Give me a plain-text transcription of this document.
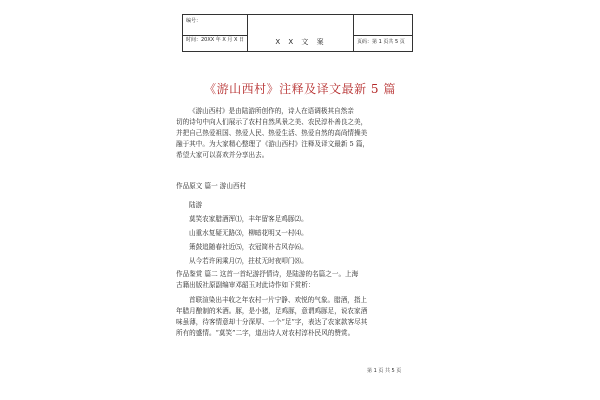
编号：
时间：20XX 年 X 月 X 日	X X 文 案	页码：第 1 页共 5 页
《游山西村》注释及译文最新 5 篇

《游山西村》是由陆游所创作的，诗人在语调极其自然亲

切的诗句中向人们展示了农村自然风景之美、农民淳朴善良之美，

并把自己热爱祖国、热爱人民、热爱生活、热爱自然的高尚情操美

融于其中。为大家精心整理了《游山西村》注释及译文最新 5 篇，

希望大家可以喜欢并分享出去。

作品原文 篇一 游山西村
陆游
莫笑农家腊酒浑⑴，丰年留客足鸡豚⑵。
山重水复疑无路⑶，柳暗花明又一村⑷。
箫鼓追随春社近⑸，衣冠简朴古风存⑹。
从今若许闲乘月⑺，拄杖无时夜叩门⑻。

作品鉴赏 篇二 这首一首纪游抒情诗，是陆游的名篇之一。上海

古籍出版社原副编审邓韶玉对此诗作如下赏析：

首联渲染出丰收之年农村一片宁静、欢悦的气象。腊酒，指上

年腊月酿制的米酒。豚，是小猪，足鸡豚，意谓鸡豚足，说农家酒

味虽薄，待客情意却十分深厚、一个“足”字，表达了农家款客尽其

所有的盛情。“莫笑”二字，道出诗人对农村淳朴民风的赞赏。

第 1 页 共 5 页
